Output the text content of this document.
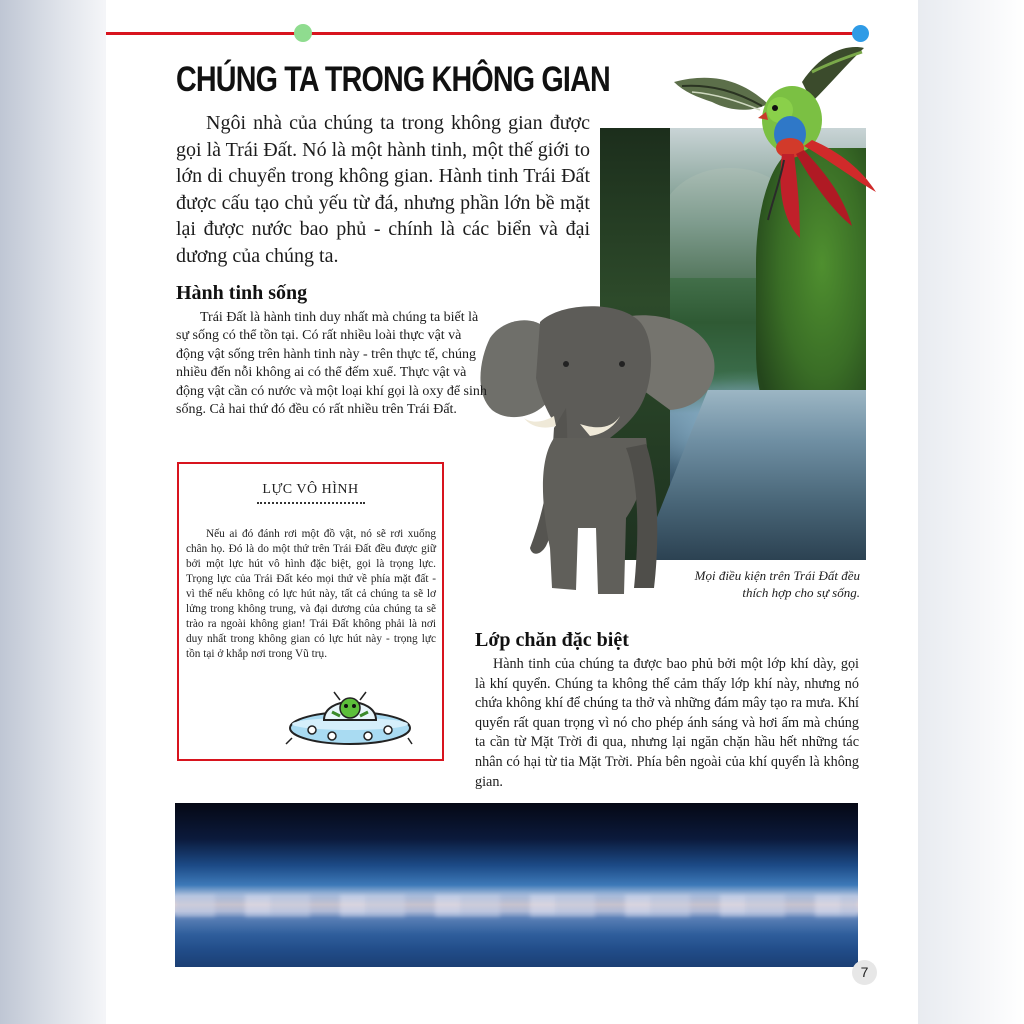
CHÚNG TA TRONG KHÔNG GIAN

Ngôi nhà của chúng ta trong không gian được gọi là Trái Đất. Nó là một hành tinh, một thế giới to lớn di chuyển trong không gian. Hành tinh Trái Đất được cấu tạo chủ yếu từ đá, nhưng phần lớn bề mặt lại được nước bao phủ - chính là các biển và đại dương của chúng ta.

Mọi điều kiện trên Trái Đất đều thích hợp cho sự sống.

Hành tinh sống

Trái Đất là hành tinh duy nhất mà chúng ta biết là sự sống có thể tồn tại. Có rất nhiều loài thực vật và động vật sống trên hành tinh này - trên thực tế, chúng nhiều đến nỗi không ai có thể đếm xuể. Thực vật và động vật cần có nước và một loại khí gọi là oxy để sinh sống. Cả hai thứ đó đều có rất nhiều trên Trái Đất.

LỰC VÔ HÌNH

Nếu ai đó đánh rơi một đồ vật, nó sẽ rơi xuống chân họ. Đó là do một thứ trên Trái Đất đều được giữ bởi một lực hút vô hình đặc biệt, gọi là trọng lực. Trọng lực của Trái Đất kéo mọi thứ về phía mặt đất - vì thế nếu không có lực hút này, tất cả chúng ta sẽ lơ lửng trong không trung, và đại dương của chúng ta sẽ trào ra ngoài không gian! Trái Đất không phải là nơi duy nhất trong không gian có lực hút này - trọng lực tồn tại ở khắp nơi trong Vũ trụ.

Lớp chăn đặc biệt

Hành tinh của chúng ta được bao phủ bởi một lớp khí dày, gọi là khí quyển. Chúng ta không thể cảm thấy lớp khí này, nhưng nó chứa không khí để chúng ta thở và những đám mây tạo ra mưa. Khí quyển rất quan trọng vì nó cho phép ánh sáng và hơi ấm mà chúng ta cần từ Mặt Trời đi qua, nhưng lại ngăn chặn hầu hết những tác nhân có hại từ tia Mặt Trời. Phía bên ngoài của khí quyển là không gian.

7
